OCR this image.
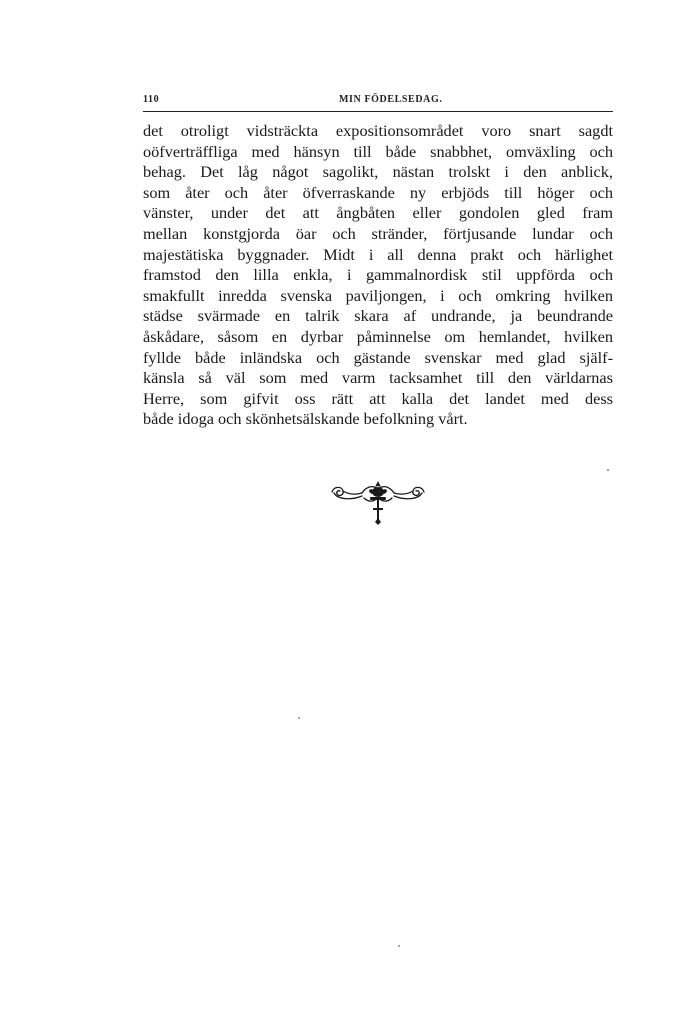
110	MIN FÖDELSEDAG.
det otroligt vidsträckta expositionsområdet voro snart sagdt
oöfverträffliga med hänsyn till både snabbhet, omväxling och
behag. Det låg något sagolikt, nästan trolskt i den anblick,
som åter och åter öfverraskande ny erbjöds till höger och
vänster, under det att ångbåten eller gondolen gled fram
mellan konstgjorda öar och stränder, förtjusande lundar och
majestätiska byggnader. Midt i all denna prakt och härlighet
framstod den lilla enkla, i gammalnordisk stil uppförda och
smakfullt inredda svenska paviljongen, i och omkring hvilken
städse svärmade en talrik skara af undrande, ja beundrande
åskådare, såsom en dyrbar påminnelse om hemlandet, hvilken
fyllde både inländska och gästande svenskar med glad själf-
känsla så väl som med varm tacksamhet till den världarnas
Herre, som gifvit oss rätt att kalla det landet med dess
både idoga och skönhetsälskande befolkning vårt.
